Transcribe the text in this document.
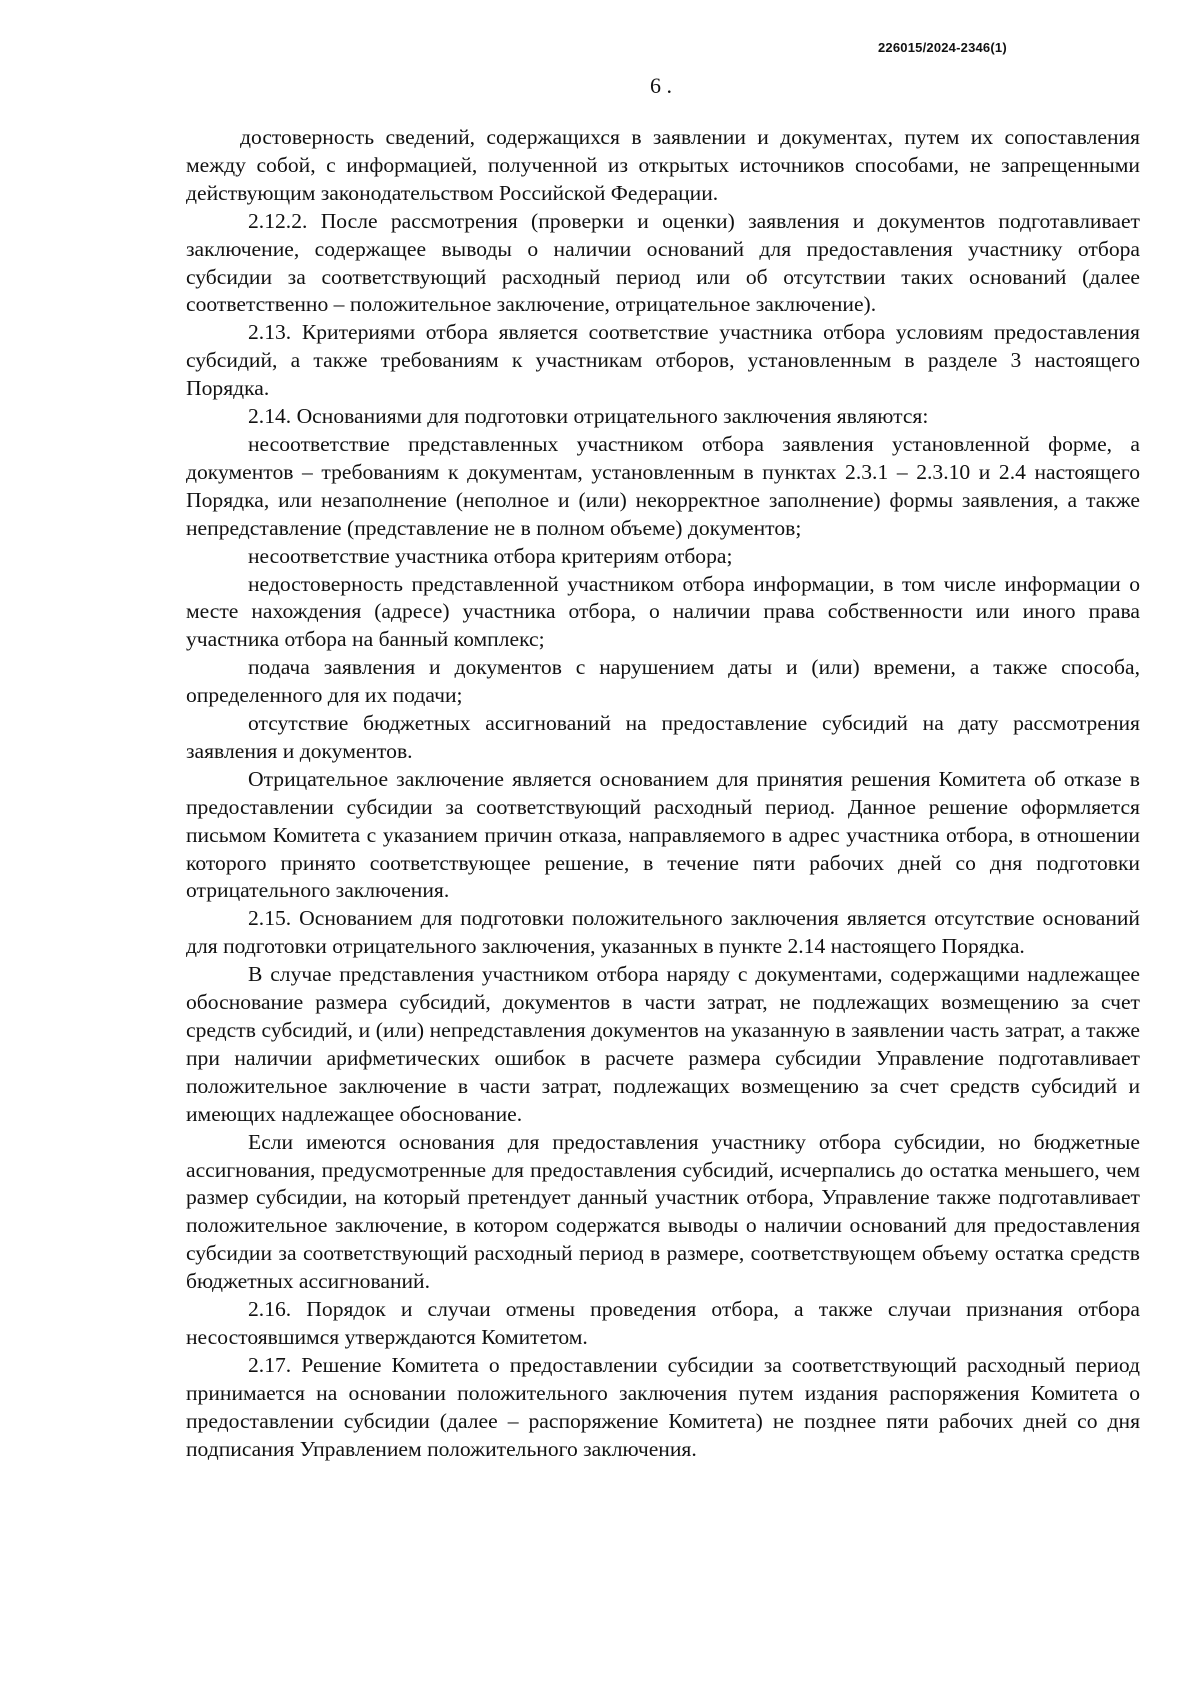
226015/2024-2346(1)
6 .

достоверность сведений, содержащихся в заявлении и документах, путем их сопоставления между собой, с информацией, полученной из открытых источников способами, не запрещенными действующим законодательством Российской Федерации.

2.12.2. После рассмотрения (проверки и оценки) заявления и документов подготавливает заключение, содержащее выводы о наличии оснований для предоставления участнику отбора субсидии за соответствующий расходный период или об отсутствии таких оснований (далее соответственно – положительное заключение, отрицательное заключение).

2.13. Критериями отбора является соответствие участника отбора условиям предоставления субсидий, а также требованиям к участникам отборов, установленным в разделе 3 настоящего Порядка.

2.14. Основаниями для подготовки отрицательного заключения являются:

несоответствие представленных участником отбора заявления установленной форме, а документов – требованиям к документам, установленным в пунктах 2.3.1 – 2.3.10 и 2.4 настоящего Порядка, или незаполнение (неполное и (или) некорректное заполнение) формы заявления, а также непредставление (представление не в полном объеме) документов;

несоответствие участника отбора критериям отбора;

недостоверность представленной участником отбора информации, в том числе информации о месте нахождения (адресе) участника отбора, о наличии права собственности или иного права участника отбора на банный комплекс;

подача заявления и документов с нарушением даты и (или) времени, а также способа, определенного для их подачи;

отсутствие бюджетных ассигнований на предоставление субсидий на дату рассмотрения заявления и документов.

Отрицательное заключение является основанием для принятия решения Комитета об отказе в предоставлении субсидии за соответствующий расходный период. Данное решение оформляется письмом Комитета с указанием причин отказа, направляемого в адрес участника отбора, в отношении которого принято соответствующее решение, в течение пяти рабочих дней со дня подготовки отрицательного заключения.

2.15. Основанием для подготовки положительного заключения является отсутствие оснований для подготовки отрицательного заключения, указанных в пункте 2.14 настоящего Порядка.

В случае представления участником отбора наряду с документами, содержащими надлежащее обоснование размера субсидий, документов в части затрат, не подлежащих возмещению за счет средств субсидий, и (или) непредставления документов на указанную в заявлении часть затрат, а также при наличии арифметических ошибок в расчете размера субсидии Управление подготавливает положительное заключение в части затрат, подлежащих возмещению за счет средств субсидий и имеющих надлежащее обоснование.

Если имеются основания для предоставления участнику отбора субсидии, но бюджетные ассигнования, предусмотренные для предоставления субсидий, исчерпались до остатка меньшего, чем размер субсидии, на который претендует данный участник отбора, Управление также подготавливает положительное заключение, в котором содержатся выводы о наличии оснований для предоставления субсидии за соответствующий расходный период в размере, соответствующем объему остатка средств бюджетных ассигнований.

2.16. Порядок и случаи отмены проведения отбора, а также случаи признания отбора несостоявшимся утверждаются Комитетом.

2.17. Решение Комитета о предоставлении субсидии за соответствующий расходный период принимается на основании положительного заключения путем издания распоряжения Комитета о предоставлении субсидии (далее – распоряжение Комитета) не позднее пяти рабочих дней со дня подписания Управлением положительного заключения.
